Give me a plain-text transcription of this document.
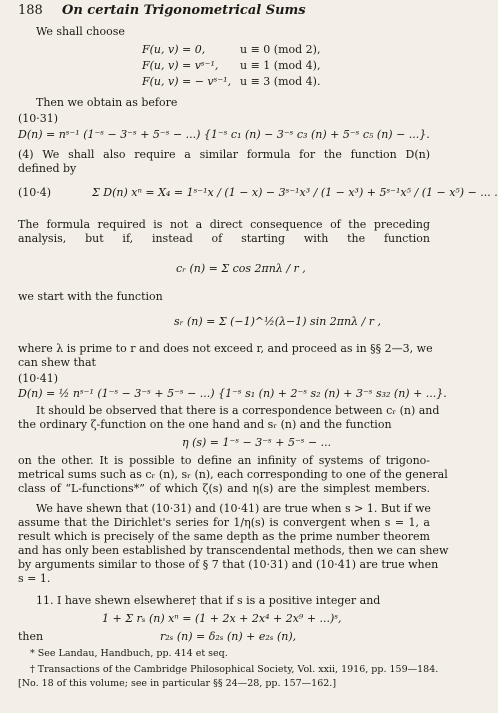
188 On certain Trigonometrical Sums
We shall choose
F(u, v) = 0,	u ≡ 0 (mod 2),
F(u, v) = vˢ⁻¹, u ≡ 1 (mod 4),
F(u, v) = − vˢ⁻¹, u ≡ 3 (mod 4).
Then we obtain as before
(10·31)
D(n) = nˢ⁻¹ (1⁻ˢ − 3⁻ˢ + 5⁻ˢ − ...) {1⁻ˢ c₁ (n) − 3⁻ˢ c₃ (n) + 5⁻ˢ c₅ (n) − ...}.
(4) We shall also require a similar formula for the function D(n)
defined by
(10·4)	Σ D(n) xⁿ = X₄ = 1ˢ⁻¹x / (1 − x) − 3ˢ⁻¹x³ / (1 − x³) + 5ˢ⁻¹x⁵ / (1 − x⁵) − ... .
The formula required is not a direct consequence of the preceding
analysis, but if, instead of starting with the function
cᵣ (n) = Σ cos 2πnλ / r ,
we start with the function
sᵣ (n) = Σ (−1)^½(λ−1) sin 2πnλ / r ,
where λ is prime to r and does not exceed r, and proceed as in §§ 2—3, we
can shew that
(10·41)
D(n) = ½ nˢ⁻¹ (1⁻ˢ − 3⁻ˢ + 5⁻ˢ − ...) {1⁻ˢ s₁ (n) + 2⁻ˢ s₂ (n) + 3⁻ˢ s₃₂ (n) + ...}.
It should be observed that there is a correspondence between cᵣ (n) and
the ordinary ζ-function on the one hand and sᵣ (n) and the function
η (s) = 1⁻ˢ − 3⁻ˢ + 5⁻ˢ − ...
on the other. It is possible to define an infinity of systems of trigono-
metrical sums such as cᵣ (n), sᵣ (n), each corresponding to one of the general
class of “L-functions*” of which ζ(s) and η(s) are the simplest members.
We have shewn that (10·31) and (10·41) are true when s > 1. But if we
assume that the Dirichlet's series for 1/η(s) is convergent when s = 1, a
result which is precisely of the same depth as the prime number theorem
and has only been established by transcendental methods, then we can shew
by arguments similar to those of § 7 that (10·31) and (10·41) are true when
s = 1.
11. I have shewn elsewhere† that if s is a positive integer and
1 + Σ rₛ (n) xⁿ = (1 + 2x + 2x⁴ + 2x⁹ + ...)ˢ,
then	r₂ₛ (n) = δ₂ₛ (n) + e₂ₛ (n),
* See Landau, Handbuch, pp. 414 et seq.
† Transactions of the Cambridge Philosophical Society, Vol. xxii, 1916, pp. 159—184.
[No. 18 of this volume; see in particular §§ 24—28, pp. 157—162.]
